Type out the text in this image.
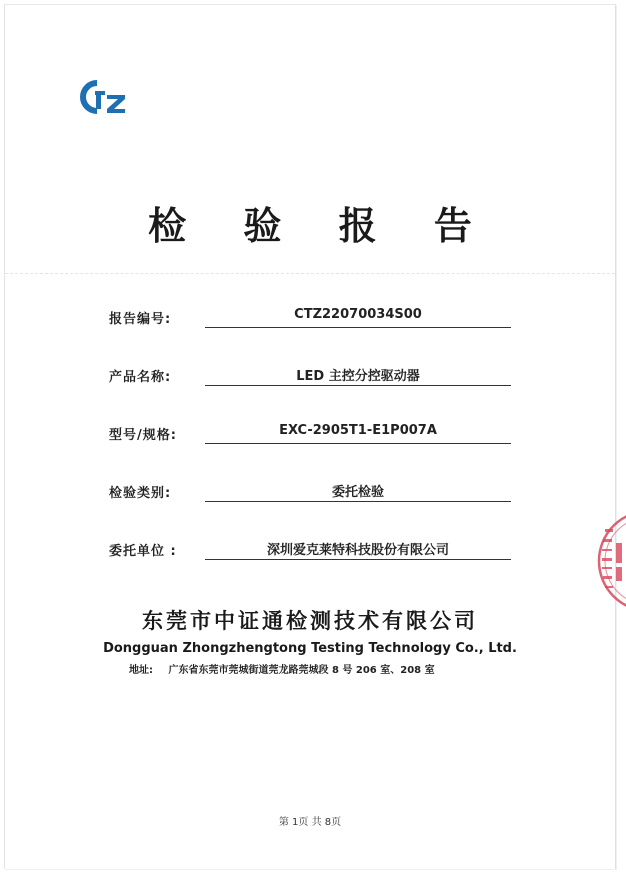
检 验 报 告
报告编号:	CTZ22070034S00
产品名称:	LED 主控分控驱动器
型号/规格:	EXC-2905T1-E1P007A
检验类别:	委托检验
委托单位 :	深圳爱克莱特科技股份有限公司
东莞市中证通检测技术有限公司
Dongguan Zhongzhengtong Testing Technology Co., Ltd.
地址: 广东省东莞市莞城街道莞龙路莞城段 8 号 206 室、208 室
第 1页 共 8页
